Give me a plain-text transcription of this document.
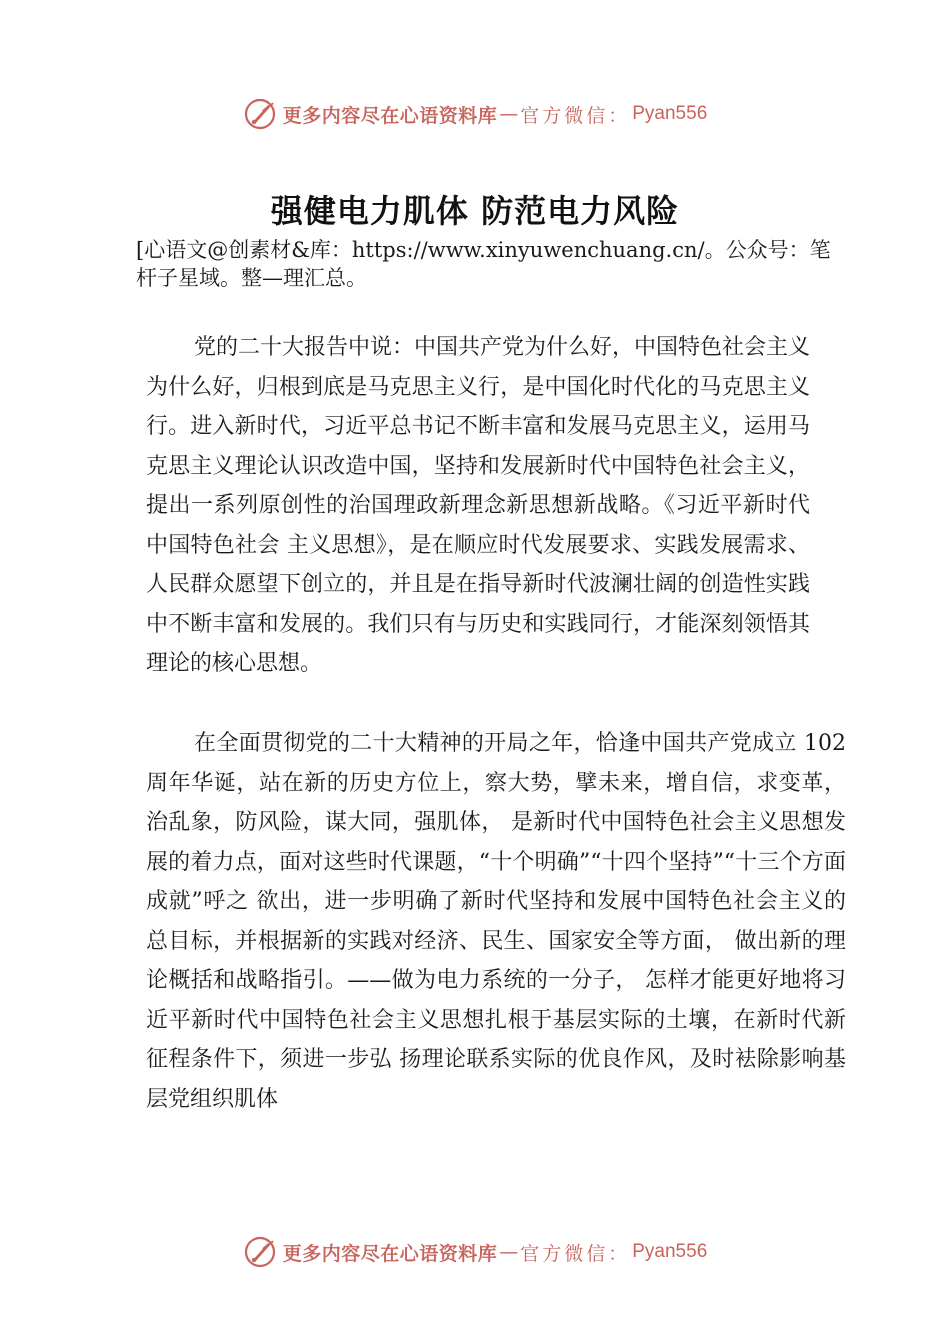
更多内容尽在心语资料库 — 官方微信： Pyan556
强健电力肌体 防范电力风险

[心语文@创素材&库：https://www.xinyuwenchuang.cn/。公众号：笔杆子星域。整—理汇总。

党的二十大报告中说：中国共产党为什么好，中国特色社会主义为什么好，归根到底是马克思主义行，是中国化时代化的马克思主义行。进入新时代，习近平总书记不断丰富和发展马克思主义，运用马克思主义理论认识改造中国，坚持和发展新时代中国特色社会主义，提出一系列原创性的治国理政新理念新思想新战略。《习近平新时代中国特色社会 主义思想》，是在顺应时代发展要求、实践发展需求、人民群众愿望下创立的，并且是在指导新时代波澜壮阔的创造性实践中不断丰富和发展的。我们只有与历史和实践同行，才能深刻领悟其理论的核心思想。

在全面贯彻党的二十大精神的开局之年，恰逢中国共产党成立 102 周年华诞，站在新的历史方位上，察大势，擘未来，增自信，求变革，治乱象，防风险，谋大同，强肌体， 是新时代中国特色社会主义思想发展的着力点，面对这些时代课题，“十个明确”“十四个坚持”“十三个方面成就”呼之 欲出，进一步明确了新时代坚持和发展中国特色社会主义的总目标，并根据新的实践对经济、民生、国家安全等方面， 做出新的理论概括和战略指引。——做为电力系统的一分子， 怎样才能更好地将习近平新时代中国特色社会主义思想扎根于基层实际的土壤，在新时代新征程条件下，须进一步弘 扬理论联系实际的优良作风，及时袪除影响基层党组织肌体

更多内容尽在心语资料库 — 官方微信： Pyan556
